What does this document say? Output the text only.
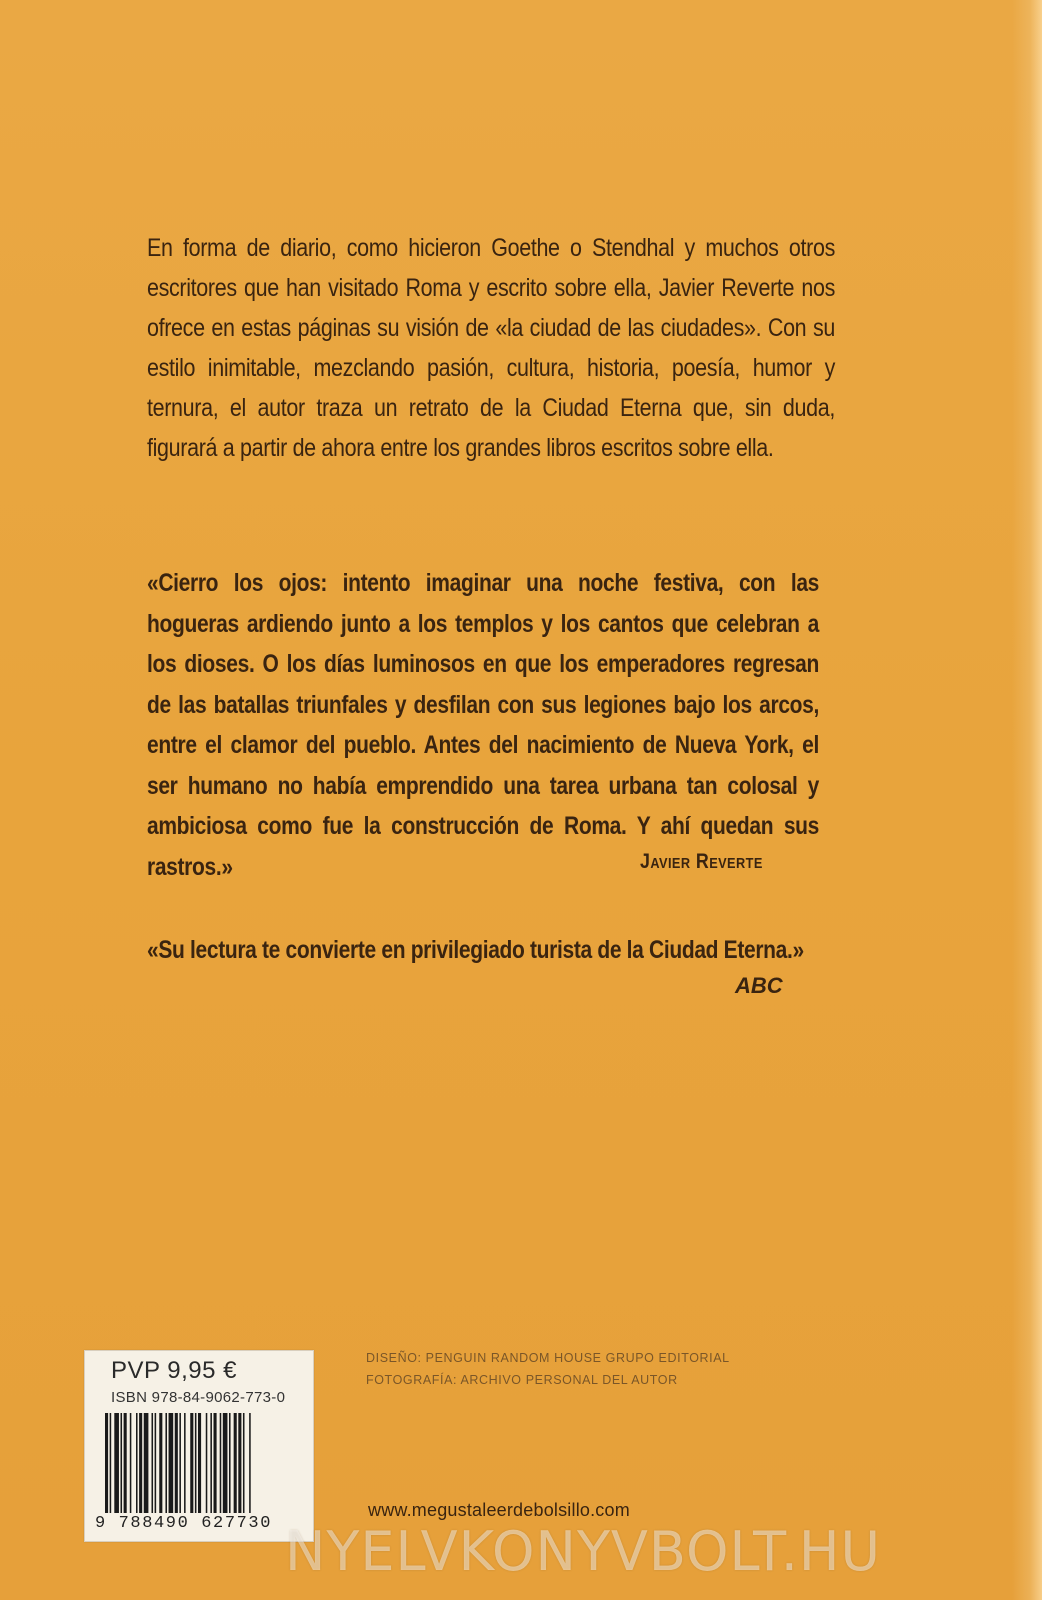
En forma de diario, como hicieron Goethe o Stendhal y muchos otros escritores que han visitado Roma y escrito sobre ella, Javier Reverte nos ofrece en estas páginas su visión de «la ciudad de las ciudades». Con su estilo inimitable, mezclando pasión, cultura, historia, poesía, humor y ternura, el autor traza un retrato de la Ciudad Eterna que, sin duda, figurará a partir de ahora entre los grandes libros escritos sobre ella.
«Cierro los ojos: intento imaginar una noche festiva, con las hogueras ardiendo junto a los templos y los cantos que celebran a los dioses. O los días luminosos en que los emperadores regresan de las batallas triunfales y desfilan con sus legiones bajo los arcos, entre el clamor del pueblo. Antes del nacimiento de Nueva York, el ser humano no había emprendido una tarea urbana tan colosal y ambiciosa como fue la construcción de Roma. Y ahí quedan sus rastros.»	Javier Reverte
«Su lectura te convierte en privilegiado turista de la Ciudad Eterna.»
ABC
PVP 9,95 €
ISBN 978-84-9062-773-0
9 788490 627730
DISEÑO: PENGUIN RANDOM HOUSE GRUPO EDITORIAL
FOTOGRAFÍA: ARCHIVO PERSONAL DEL AUTOR
www.megustaleerdebolsillo.com
NYELVKONYVBOLT.HU
